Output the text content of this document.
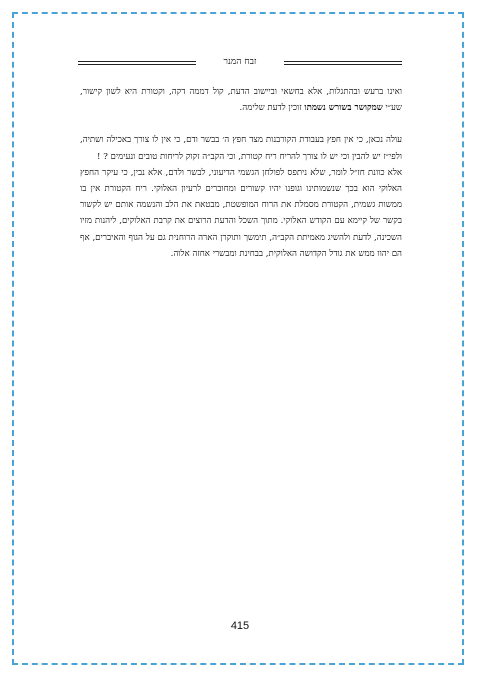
זבח המנר

ואינו ברעש ובהתגלות, אלא בחשאי וביישוב הדעת, קול דממה דקה, וקטורת היא לשון קישור, שע״י שמקושר בשורש נשמתו זוכין לדעת שלימה.

עולה נכאן, כי אין חפץ בעבודת הקורבנות מצד חפץ ה׳ בבשר ודם, כי אין לו צורך באכילה ושתיה, ולפי״ז יש להבין וכי יש לו צורך להריח ריח קטורת, וכי הקב״ה זקוק לריחות טובים ונעימים ? !

אלא כוונת חז״ל לומר, שלא ניתפס לפולחן הגשמי הדיעוני, לבשר ולדם, אלא נבין, כי עיקר החפץ האלוקי הוא בכך שנשמותינו וגופנו יהיו קשורים ומחוברים לרעיון האלוקי. ריח הקטורת אין בו ממשות גשמית, הקטורת מסמלת את הרוח המופשטת, מבטאת את הלב והנשמה אותם יש לקשור בקשר של קיימא עם הקודש האלוקי. מתוך השכל והדעת הרוצים את קרבת האלוקים, ליהנות מזיו השכינה, לדעת ולהשיג מאמיתת הקב״ה, תימשך ותוקרן הארה הרוחנית גם על הגוף והאיברים, אף הם יהוו ממש את גודל הקדושה האלוקית, בבחינת ומבשרי אחזה אלוה.

415
